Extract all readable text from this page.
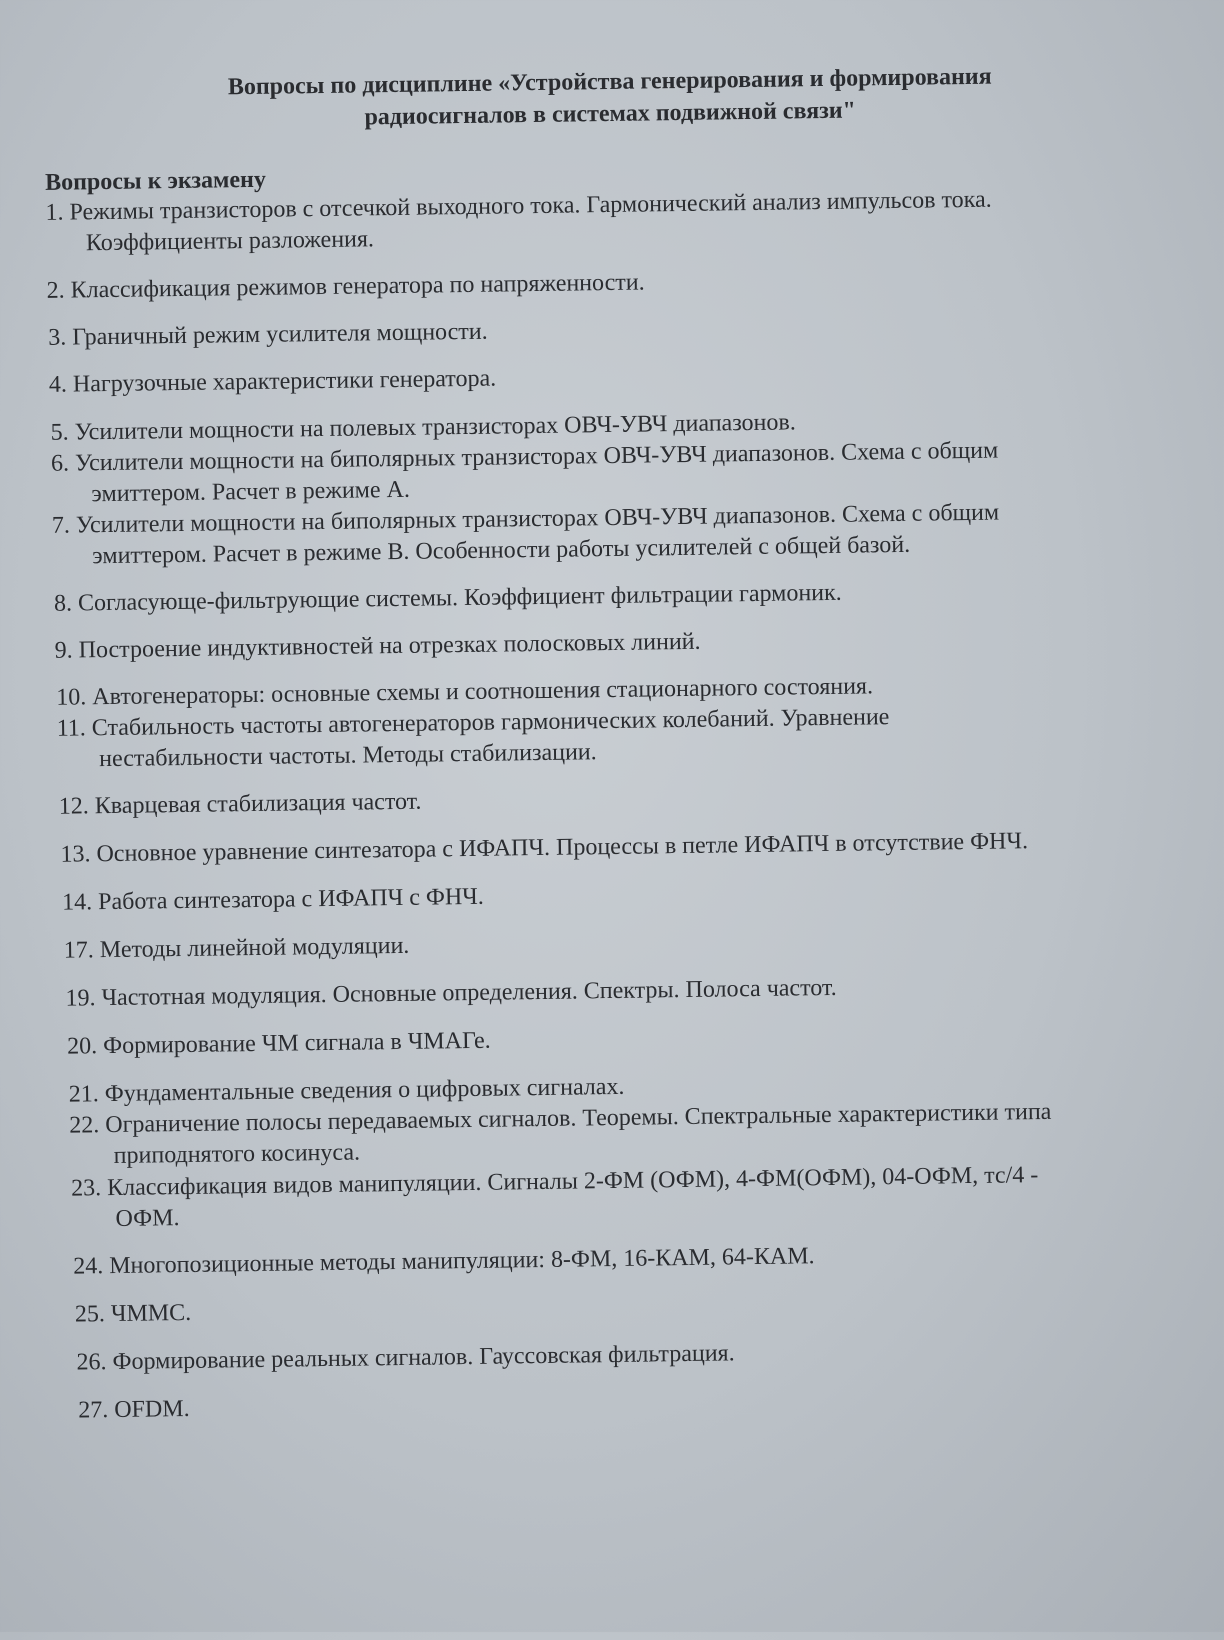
Вопросы по дисциплине «Устройства генерирования и формирования
радиосигналов в системах подвижной связи"
Вопросы к экзамену
1. Режимы транзисторов с отсечкой выходного тока. Гармонический анализ импульсов тока.
Коэффициенты разложения.
2. Классификация режимов генератора по напряженности.
3. Граничный режим усилителя мощности.
4. Нагрузочные характеристики генератора.
5. Усилители мощности на полевых транзисторах ОВЧ-УВЧ диапазонов.
6. Усилители мощности на биполярных транзисторах ОВЧ-УВЧ диапазонов. Схема с общим
эмиттером. Расчет в режиме А.
7. Усилители мощности на биполярных транзисторах ОВЧ-УВЧ диапазонов. Схема с общим
эмиттером. Расчет в режиме В. Особенности работы усилителей с общей базой.
8. Согласующе-фильтрующие системы. Коэффициент фильтрации гармоник.
9. Построение индуктивностей на отрезках полосковых линий.
10. Автогенераторы: основные схемы и соотношения стационарного состояния.
11. Стабильность частоты автогенераторов гармонических колебаний. Уравнение
нестабильности частоты. Методы стабилизации.
12. Кварцевая стабилизация частот.
13. Основное уравнение синтезатора с ИФАПЧ. Процессы в петле ИФАПЧ в отсутствие ФНЧ.
14. Работа синтезатора с ИФАПЧ с ФНЧ.
17. Методы линейной модуляции.
19. Частотная модуляция. Основные определения. Спектры. Полоса частот.
20. Формирование ЧМ сигнала в ЧМАГе.
21. Фундаментальные сведения о цифровых сигналах.
22. Ограничение полосы передаваемых сигналов. Теоремы. Спектральные характеристики типа
приподнятого косинуса.
23. Классификация видов манипуляции. Сигналы 2-ФМ (ОФМ), 4-ФМ(ОФМ), 04-ОФМ, тс/4 -
ОФМ.
24. Многопозиционные методы манипуляции: 8-ФМ, 16-КАМ, 64-КАМ.
25. ЧММС.
26. Формирование реальных сигналов. Гауссовская фильтрация.
27. OFDM.
